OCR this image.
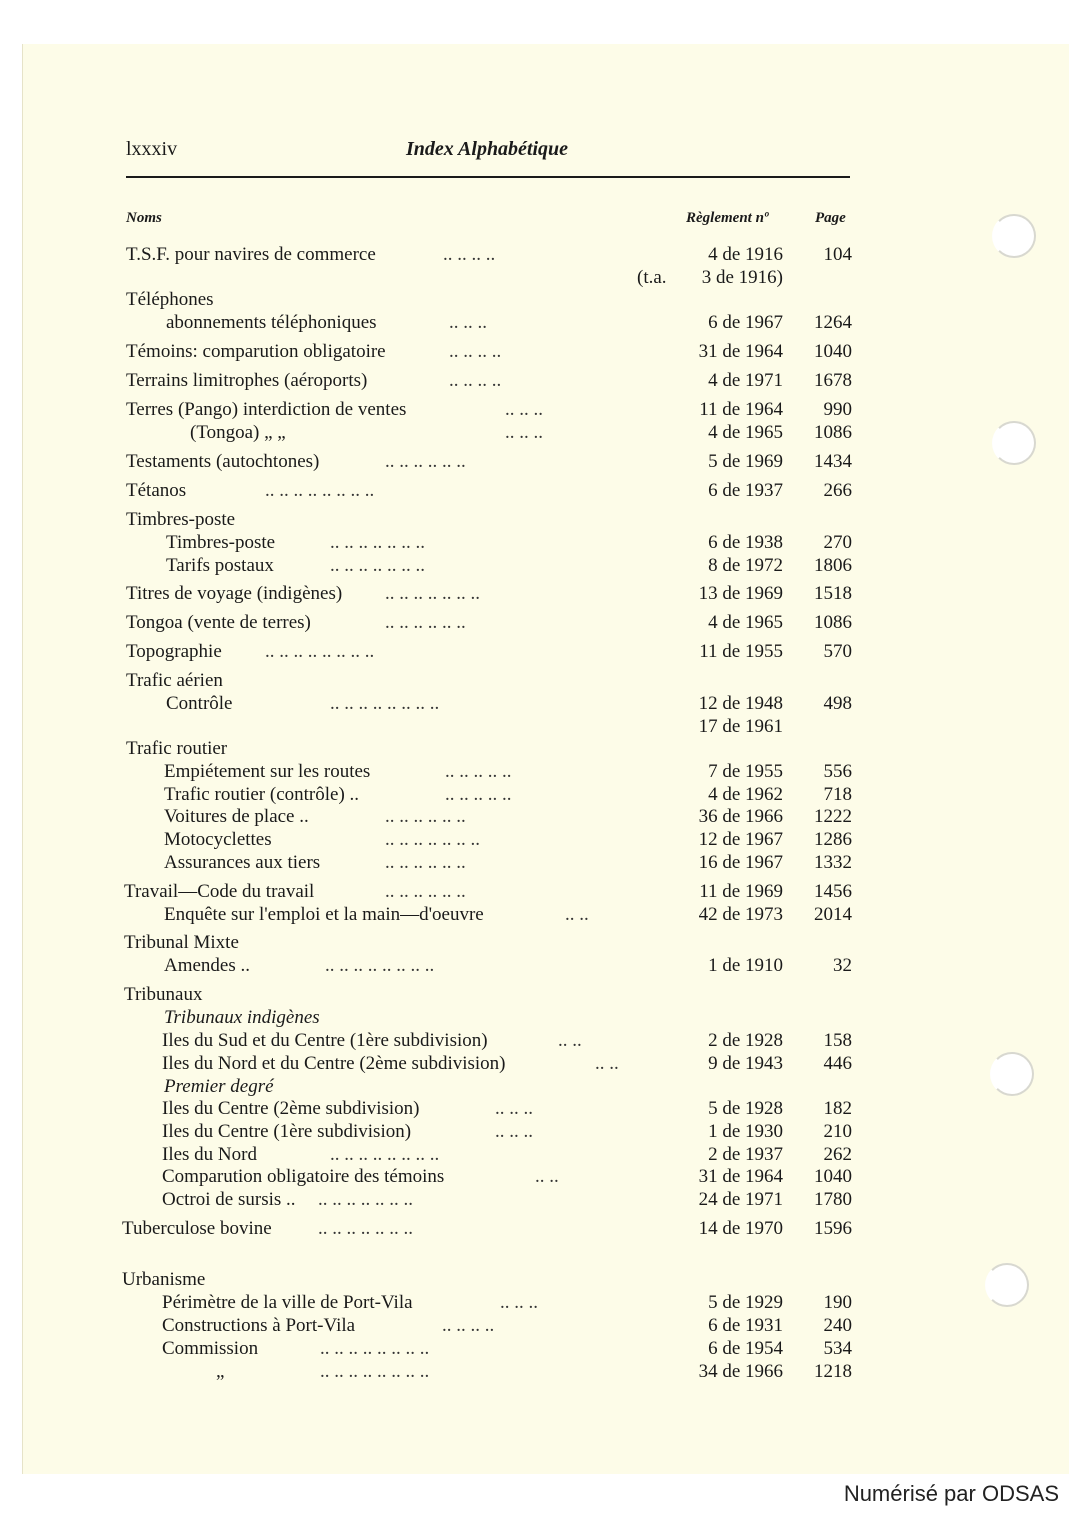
lxxxiv	Index Alphabétique
Noms	Règlement nº	Page
T.S.F. pour navires de commerce	.. .. .. ..	4 de 1916 104
(t.a. 3 de 1916)
Téléphones
abonnements téléphoniques	.. .. ..	6 de 1967 1264
Témoins: comparution obligatoire	.. .. .. ..	31 de 1964 1040
Terrains limitrophes (aéroports)	.. .. .. ..	4 de 1971 1678
Terres (Pango) interdiction de ventes	.. .. ..	11 de 1964 990
(Tongoa) „ „	.. .. ..	4 de 1965 1086
Testaments (autochtones)	.. .. .. .. .. ..	5 de 1969 1434
Tétanos	.. .. .. .. .. .. .. ..	6 de 1937 266
Timbres-poste
Timbres-poste	.. .. .. .. .. .. ..	6 de 1938 270
Tarifs postaux	.. .. .. .. .. .. ..	8 de 1972 1806
Titres de voyage (indigènes) .. .. .. .. .. .. ..	13 de 1969 1518
Tongoa (vente de terres)	.. .. .. .. .. ..	4 de 1965 1086
Topographie .. .. .. .. .. .. .. ..	11 de 1955 570
Trafic aérien
Contrôle	.. .. .. .. .. .. .. ..	12 de 1948 498
17 de 1961
Trafic routier
Empiétement sur les routes	.. .. .. .. ..	7 de 1955 556
Trafic routier (contrôle) ..	.. .. .. .. ..	4 de 1962 718
Voitures de place ..	.. .. .. .. .. ..	36 de 1966 1222
Motocyclettes	.. .. .. .. .. .. ..	12 de 1967 1286
Assurances aux tiers	.. .. .. .. .. ..	16 de 1967 1332
Travail—Code du travail	.. .. .. .. .. ..	11 de 1969 1456
Enquête sur l'emploi et la main—d'oeuvre	.. ..	42 de 1973 2014
Tribunal Mixte
Amendes ..	.. .. .. .. .. .. .. ..	1 de 1910	32
Tribunaux
Tribunaux indigènes
Iles du Sud et du Centre (1ère subdivision)	.. ..	2 de 1928 158
Iles du Nord et du Centre (2ème subdivision)	.. ..	9 de 1943 446
Premier degré
Iles du Centre (2ème subdivision)	.. .. ..	5 de 1928 182
Iles du Centre (1ère subdivision)	.. .. ..	1 de 1930 210
Iles du Nord	.. .. .. .. .. .. .. ..	2 de 1937 262
Comparution obligatoire des témoins	.. ..	31 de 1964 1040
Octroi de sursis .. .. .. .. .. .. .. ..	24 de 1971 1780
Tuberculose bovine .. .. .. .. .. .. ..	14 de 1970 1596
Urbanisme
Périmètre de la ville de Port-Vila	.. .. ..	5 de 1929 190
Constructions à Port-Vila	.. .. .. ..	6 de 1931 240
Commission	.. .. .. .. .. .. .. ..	6 de 1954 534
„	.. .. .. .. .. .. .. ..	34 de 1966 1218
Numérisé par ODSAS
